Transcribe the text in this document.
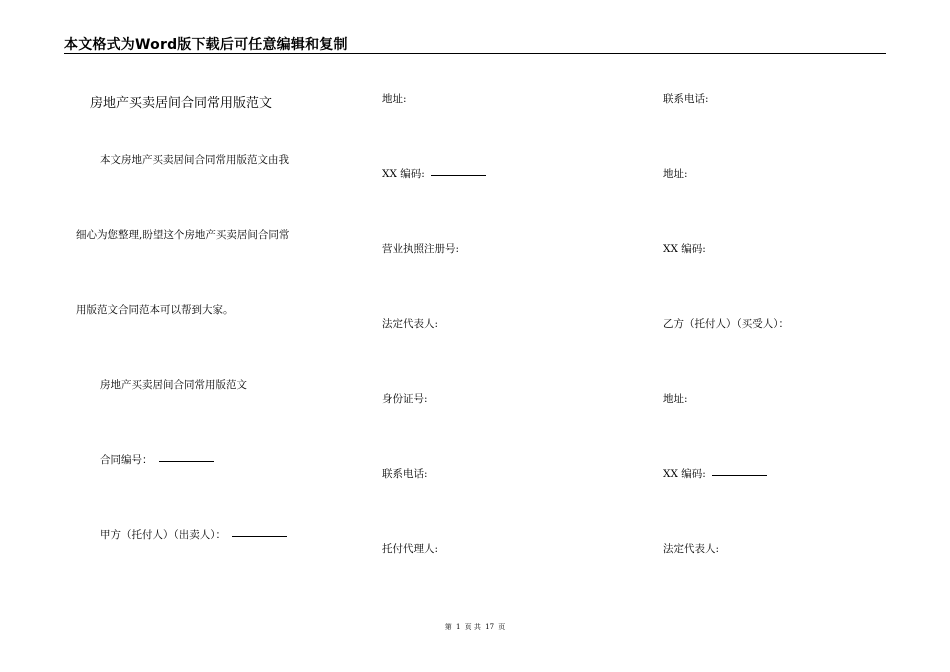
本文格式为Word版下载后可任意编辑和复制
房地产买卖居间合同常用版范文
本文房地产买卖居间合同常用版范文由我
细心为您整理,盼望这个房地产买卖居间合同常
用版范文合同范本可以帮到大家。
房地产买卖居间合同常用版范文
合同编号：
甲方（托付人）（出卖人）：
地址:
XX 编码:
营业执照注册号:
法定代表人:
身份证号:
联系电话:
托付代理人:
联系电话:
地址:
XX 编码:
乙方（托付人）（买受人）：
地址:
XX 编码:
法定代表人:
第 1 页 共 17 页
